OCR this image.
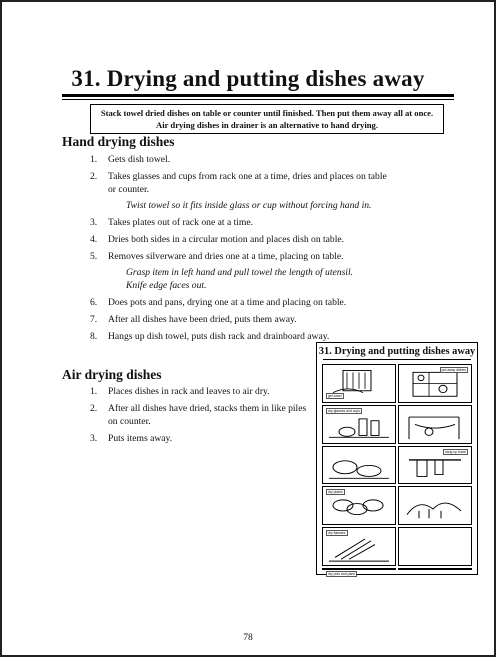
31. Drying and putting dishes away
Stack towel dried dishes on table or counter until finished. Then put them away all at once.
Air drying dishes in drainer is an alternative to hand drying.
Hand drying dishes
1. Gets dish towel.
2. Takes glasses and cups from rack one at a time, dries and places on table or counter.
Twist towel so it fits inside glass or cup without forcing hand in.
3. Takes plates out of rack one at a time.
4. Dries both sides in a circular motion and places dish on table.
5. Removes silverware and dries one at a time, placing on table.
Grasp item in left hand and pull towel the length of utensil.
Knife edge faces out.
6. Does pots and pans, drying one at a time and placing on table.
7. After all dishes have been dried, puts them away.
8. Hangs up dish towel, puts dish rack and drainboard away.
Air drying dishes
1. Places dishes in rack and leaves to air dry.
2. After all dishes have dried, stacks them in like piles on counter.
3. Puts items away.
31. Drying and putting dishes away
get towel
put away dishes
dry glasses and cups
hang up towel
dry plates
dry flatware
dry pots and pans
78
